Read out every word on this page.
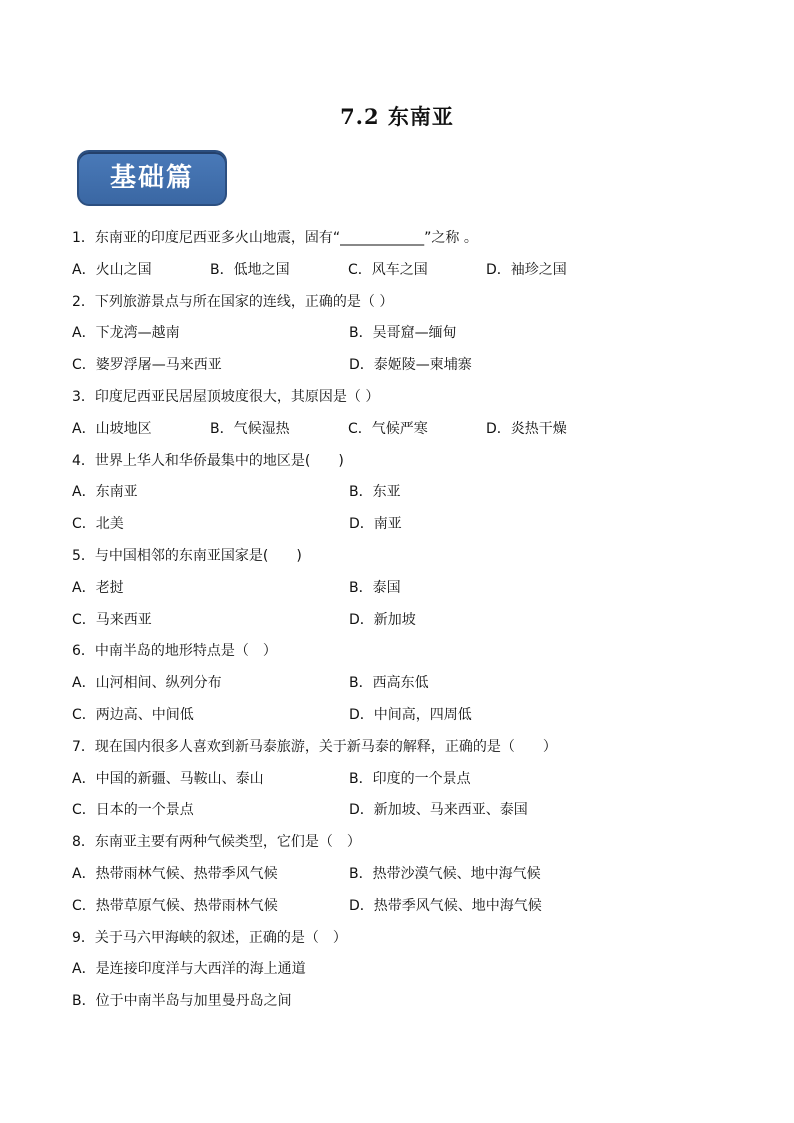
7.2 东南亚
基础篇
1．东南亚的印度尼西亚多火山地震，固有“____________”之称 。
A．火山之国	B．低地之国	C．风车之国	D．袖珍之国
2．下列旅游景点与所在国家的连线，正确的是（ ）
A．下龙湾—越南	B．吴哥窟—缅甸
C．婆罗浮屠—马来西亚	D．泰姬陵—柬埔寨
3．印度尼西亚民居屋顶坡度很大，其原因是（ ）
A．山坡地区	B．气候湿热	C．气候严寒	D．炎热干燥
4．世界上华人和华侨最集中的地区是(　　)
A．东南亚	B．东亚
C．北美	D．南亚
5．与中国相邻的东南亚国家是(　　)
A．老挝	B．泰国
C．马来西亚	D．新加坡
6．中南半岛的地形特点是（　）
A．山河相间、纵列分布	B．西高东低
C．两边高、中间低	D．中间高，四周低
7．现在国内很多人喜欢到新马泰旅游，关于新马泰的解释，正确的是（　　）
A．中国的新疆、马鞍山、泰山	B．印度的一个景点
C．日本的一个景点	D．新加坡、马来西亚、泰国
8．东南亚主要有两种气候类型，它们是（　）
A．热带雨林气候、热带季风气候	B．热带沙漠气候、地中海气候
C．热带草原气候、热带雨林气候	D．热带季风气候、地中海气候
9．关于马六甲海峡的叙述，正确的是（　）
A．是连接印度洋与大西洋的海上通道
B．位于中南半岛与加里曼丹岛之间
